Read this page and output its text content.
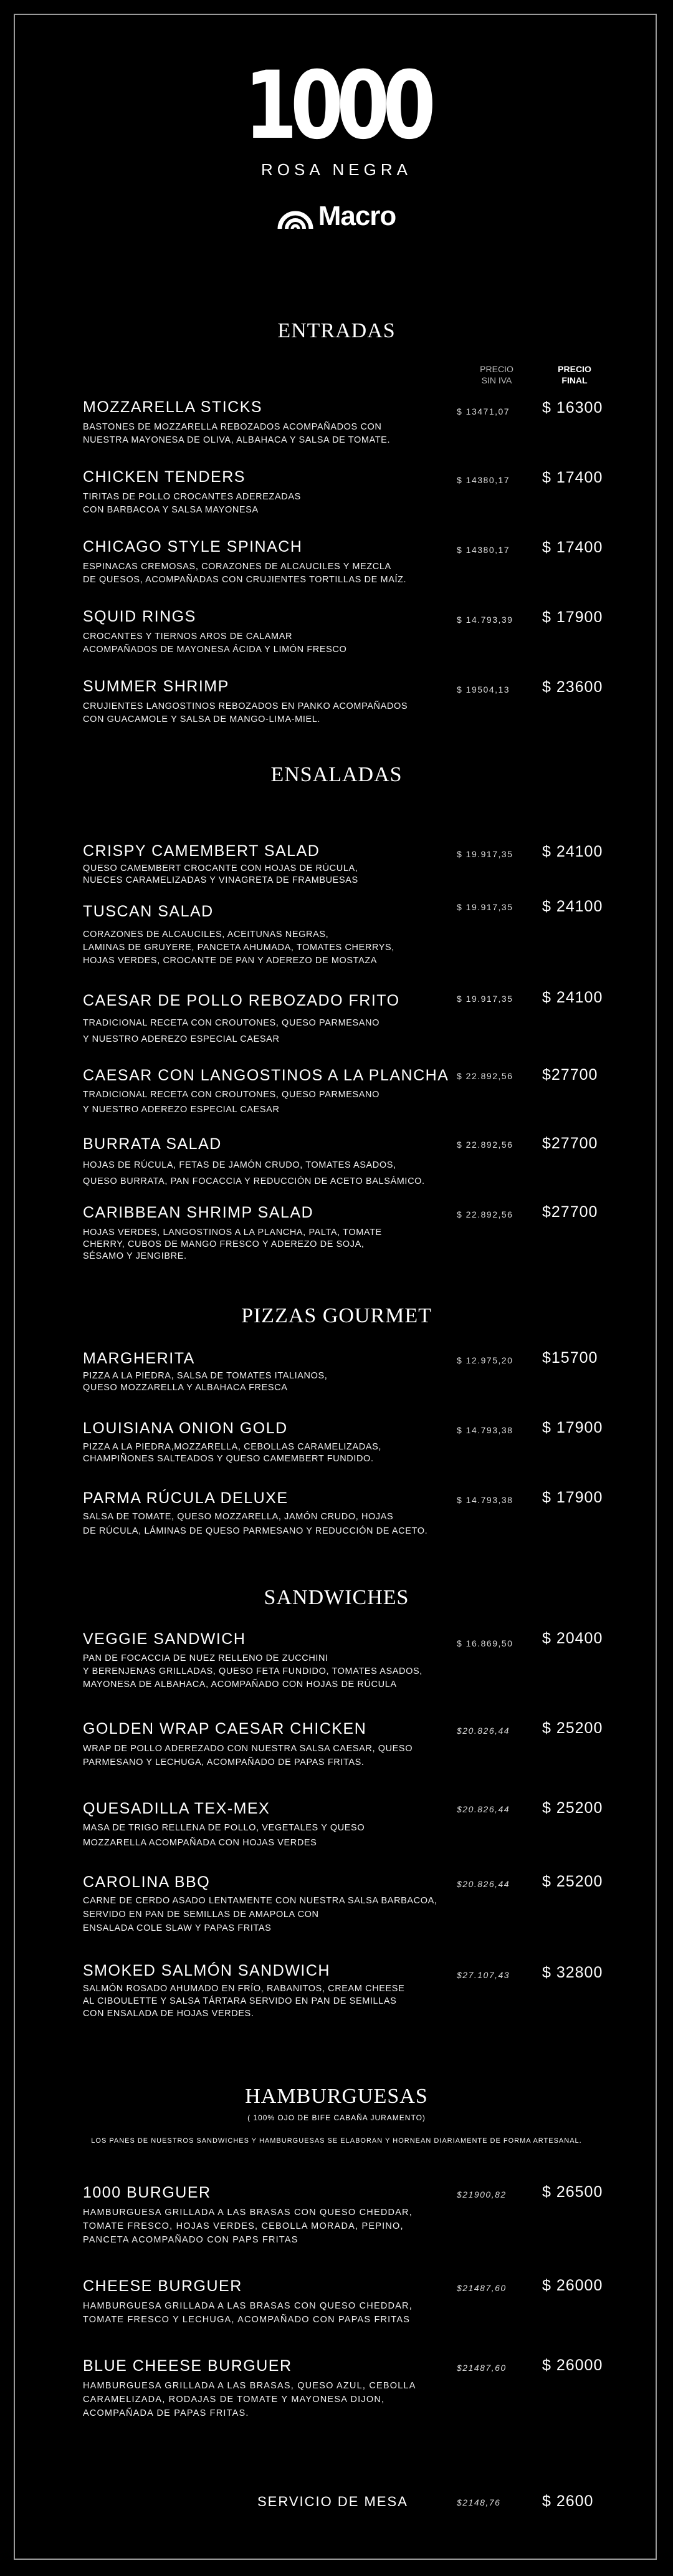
1000
ROSA NEGRA
Macro
ENTRADAS
PRECIO
SIN IVA
PRECIO
FINAL
MOZZARELLA STICKS
BASTONES DE MOZZARELLA REBOZADOS ACOMPAÑADOS CON
NUESTRA MAYONESA DE OLIVA, ALBAHACA Y SALSA DE TOMATE.
$ 13471,07 $ 16300
CHICKEN TENDERS
TIRITAS DE POLLO CROCANTES ADEREZADAS
CON BARBACOA Y SALSA MAYONESA
$ 14380,17 $ 17400
CHICAGO STYLE SPINACH
ESPINACAS CREMOSAS, CORAZONES DE ALCAUCILES Y MEZCLA
DE QUESOS, ACOMPAÑADAS CON CRUJIENTES TORTILLAS DE MAÍZ.
$ 14380,17 $ 17400
SQUID RINGS
CROCANTES Y TIERNOS AROS DE CALAMAR
ACOMPAÑADOS DE MAYONESA ÁCIDA Y LIMÓN FRESCO
$ 14.793,39 $ 17900
SUMMER SHRIMP
CRUJIENTES LANGOSTINOS REBOZADOS EN PANKO ACOMPAÑADOS
CON GUACAMOLE Y SALSA DE MANGO-LIMA-MIEL.
$ 19504,13 $ 23600
ENSALADAS
CRISPY CAMEMBERT SALAD
QUESO CAMEMBERT CROCANTE CON HOJAS DE RÚCULA,
NUECES CARAMELIZADAS Y VINAGRETA DE FRAMBUESAS
$ 19.917,35 $ 24100
TUSCAN SALAD
CORAZONES DE ALCAUCILES, ACEITUNAS NEGRAS,
LAMINAS DE GRUYERE, PANCETA AHUMADA, TOMATES CHERRYS,
HOJAS VERDES, CROCANTE DE PAN Y ADEREZO DE MOSTAZA
$ 19.917,35 $ 24100
CAESAR DE POLLO REBOZADO FRITO
TRADICIONAL RECETA CON CROUTONES, QUESO PARMESANO
Y NUESTRO ADEREZO ESPECIAL CAESAR
$ 19.917,35 $ 24100
CAESAR CON LANGOSTINOS A LA PLANCHA
TRADICIONAL RECETA CON CROUTONES, QUESO PARMESANO
Y NUESTRO ADEREZO ESPECIAL CAESAR
$ 22.892,56 $27700
BURRATA SALAD
HOJAS DE RÚCULA, FETAS DE JAMÓN CRUDO, TOMATES ASADOS,
QUESO BURRATA, PAN FOCACCIA Y REDUCCIÓN DE ACETO BALSÁMICO.
$ 22.892,56 $27700
CARIBBEAN SHRIMP SALAD
HOJAS VERDES, LANGOSTINOS A LA PLANCHA, PALTA, TOMATE
CHERRY, CUBOS DE MANGO FRESCO Y ADEREZO DE SOJA,
SÉSAMO Y JENGIBRE.
$ 22.892,56 $27700
PIZZAS GOURMET
MARGHERITA
PIZZA A LA PIEDRA, SALSA DE TOMATES ITALIANOS,
QUESO MOZZARELLA Y ALBAHACA FRESCA
$ 12.975,20 $15700
LOUISIANA ONION GOLD
PIZZA A LA PIEDRA,MOZZARELLA, CEBOLLAS CARAMELIZADAS,
CHAMPIÑONES SALTEADOS Y QUESO CAMEMBERT FUNDIDO.
$ 14.793,38 $ 17900
PARMA RÚCULA DELUXE
SALSA DE TOMATE, QUESO MOZZARELLA, JAMÓN CRUDO, HOJAS
DE RÚCULA, LÁMINAS DE QUESO PARMESANO Y REDUCCIÓN DE ACETO.
$ 14.793,38 $ 17900
SANDWICHES
VEGGIE SANDWICH
PAN DE FOCACCIA DE NUEZ RELLENO DE ZUCCHINI
Y BERENJENAS GRILLADAS, QUESO FETA FUNDIDO, TOMATES ASADOS,
MAYONESA DE ALBAHACA, ACOMPAÑADO CON HOJAS DE RÚCULA
$ 16.869,50 $ 20400
GOLDEN WRAP CAESAR CHICKEN
WRAP DE POLLO ADEREZADO CON NUESTRA SALSA CAESAR, QUESO
PARMESANO Y LECHUGA, ACOMPAÑADO DE PAPAS FRITAS.
$20.826,44 $ 25200
QUESADILLA TEX-MEX
MASA DE TRIGO RELLENA DE POLLO, VEGETALES Y QUESO
MOZZARELLA ACOMPAÑADA CON HOJAS VERDES
$20.826,44 $ 25200
CAROLINA BBQ
CARNE DE CERDO ASADO LENTAMENTE CON NUESTRA SALSA BARBACOA,
SERVIDO EN PAN DE SEMILLAS DE AMAPOLA CON
ENSALADA COLE SLAW Y PAPAS FRITAS
$20.826,44 $ 25200
SMOKED SALMÓN SANDWICH
SALMÓN ROSADO AHUMADO EN FRÍO, RABANITOS, CREAM CHEESE
AL CIBOULETTE Y SALSA TÁRTARA SERVIDO EN PAN DE SEMILLAS
CON ENSALADA DE HOJAS VERDES.
$27.107,43 $ 32800
HAMBURGUESAS
( 100% OJO DE BIFE CABAÑA JURAMENTO)
LOS PANES DE NUESTROS SANDWICHES Y HAMBURGUESAS SE ELABORAN Y HORNEAN DIARIAMENTE DE FORMA ARTESANAL.
1000 BURGUER
HAMBURGUESA GRILLADA A LAS BRASAS CON QUESO CHEDDAR,
TOMATE FRESCO, HOJAS VERDES, CEBOLLA MORADA, PEPINO,
PANCETA ACOMPAÑADO CON PAPS FRITAS
$21900,82 $ 26500
CHEESE BURGUER
HAMBURGUESA GRILLADA A LAS BRASAS CON QUESO CHEDDAR,
TOMATE FRESCO Y LECHUGA, ACOMPAÑADO CON PAPAS FRITAS
$21487,60 $ 26000
BLUE CHEESE BURGUER
HAMBURGUESA GRILLADA A LAS BRASAS, QUESO AZUL, CEBOLLA
CARAMELIZADA, RODAJAS DE TOMATE Y MAYONESA DIJON,
ACOMPAÑADA DE PAPAS FRITAS.
$21487,60 $ 26000
SERVICIO DE MESA	$2148,76	$ 2600
